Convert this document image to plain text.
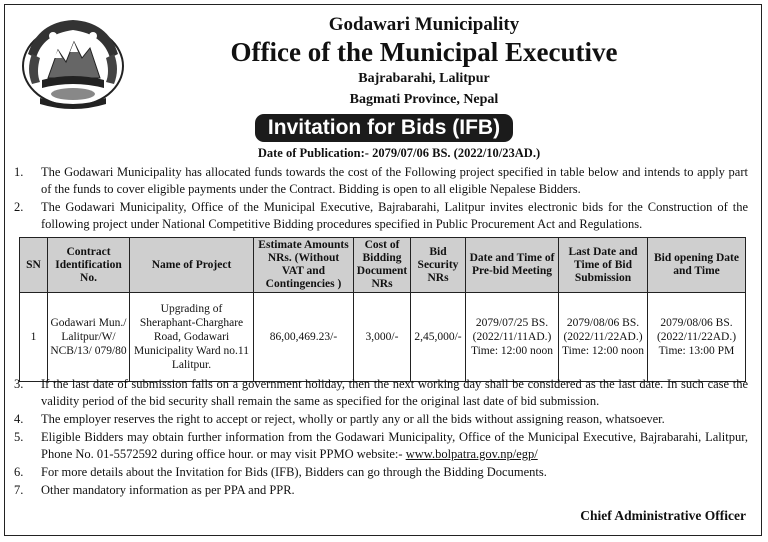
Godawari Municipality
Office of the Municipal Executive
Bajrabarahi, Lalitpur
Bagmati Province, Nepal
Invitation for Bids (IFB)
Date of Publication:- 2079/07/06 BS. (2022/10/23AD.)
1.	The Godawari Municipality has allocated funds towards the cost of the Following project specified in table below and intends to apply part of the funds to cover eligible payments under the Contract. Bidding is open to all eligible Nepalese Bidders.
2.	The Godawari Municipality, Office of the Municipal Executive, Bajrabarahi, Lalitpur invites electronic bids for the Construction of the following project under National Competitive Bidding procedures specified in Public Procurement Act and Regulations.
SN	Contract Identification No.	Name of Project	Estimate Amounts NRs. (Without VAT and Contingencies )	Cost of Bidding Document NRs	Bid Security NRs	Date and Time of Pre-bid Meeting	Last Date and Time of Bid Submission	Bid opening Date and Time
1	Godawari Mun./ Lalitpur/W/ NCB/13/ 079/80	Upgrading of Sheraphant-Charghare Road, Godawari Municipality Ward no.11 Lalitpur.	86,00,469.23/-	3,000/-	2,45,000/-	2079/07/25 BS. (2022/11/11AD.) Time: 12:00 noon	2079/08/06 BS. (2022/11/22AD.) Time: 12:00 noon	2079/08/06 BS. (2022/11/22AD.) Time: 13:00 PM
3.	If the last date of submission falls on a government holiday, then the next working day shall be considered as the last date. In such case the validity period of the bid security shall remain the same as specified for the original last date of bid submission.
4.	The employer reserves the right to accept or reject, wholly or partly any or all the bids without assigning reason, whatsoever.
5.	Eligible Bidders may obtain further information from the Godawari Municipality, Office of the Municipal Executive, Bajrabarahi, Lalitpur, Phone No. 01-5572592 during office hour. or may visit PPMO website:- www.bolpatra.gov.np/egp/
6.	For more details about the Invitation for Bids (IFB), Bidders can go through the Bidding Documents.
7.	Other mandatory information as per PPA and PPR.
Chief Administrative Officer
